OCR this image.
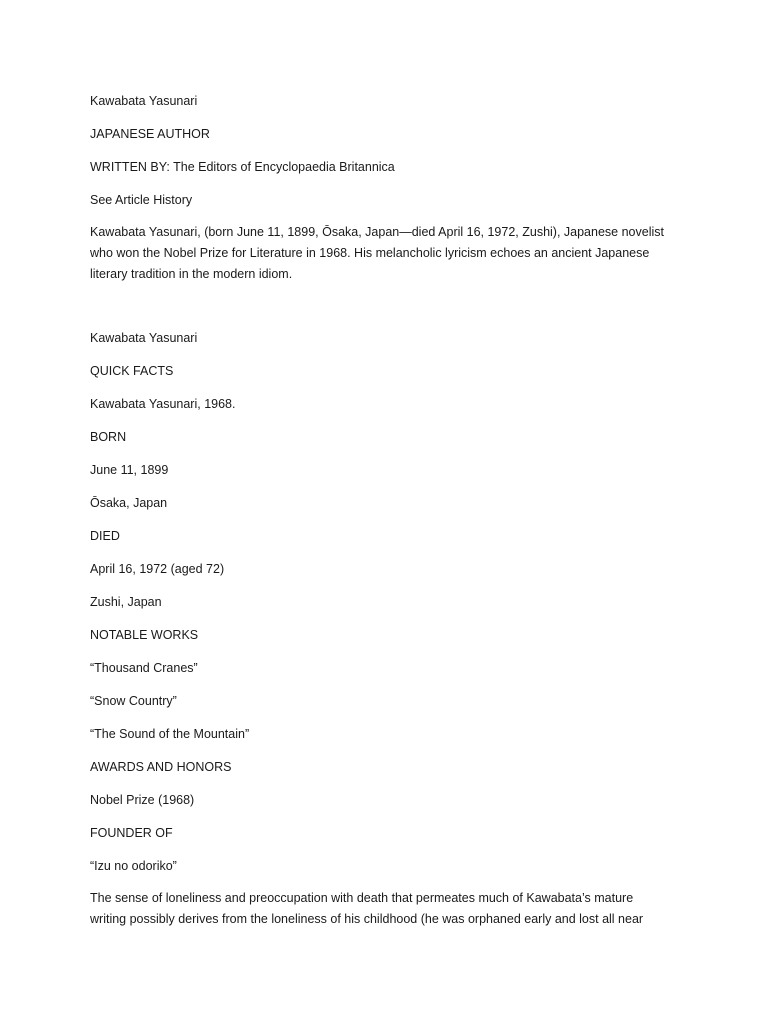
Kawabata Yasunari

JAPANESE AUTHOR

WRITTEN BY: The Editors of Encyclopaedia Britannica

See Article History

Kawabata Yasunari, (born June 11, 1899, Ōsaka, Japan—died April 16, 1972, Zushi), Japanese novelist
who won the Nobel Prize for Literature in 1968. His melancholic lyricism echoes an ancient Japanese
literary tradition in the modern idiom.

Kawabata Yasunari

QUICK FACTS

Kawabata Yasunari, 1968.

BORN

June 11, 1899

Ōsaka, Japan

DIED

April 16, 1972 (aged 72)

Zushi, Japan

NOTABLE WORKS

“Thousand Cranes”

“Snow Country”

“The Sound of the Mountain”

AWARDS AND HONORS

Nobel Prize (1968)

FOUNDER OF

“Izu no odoriko”

The sense of loneliness and preoccupation with death that permeates much of Kawabata’s mature
writing possibly derives from the loneliness of his childhood (he was orphaned early and lost all near
